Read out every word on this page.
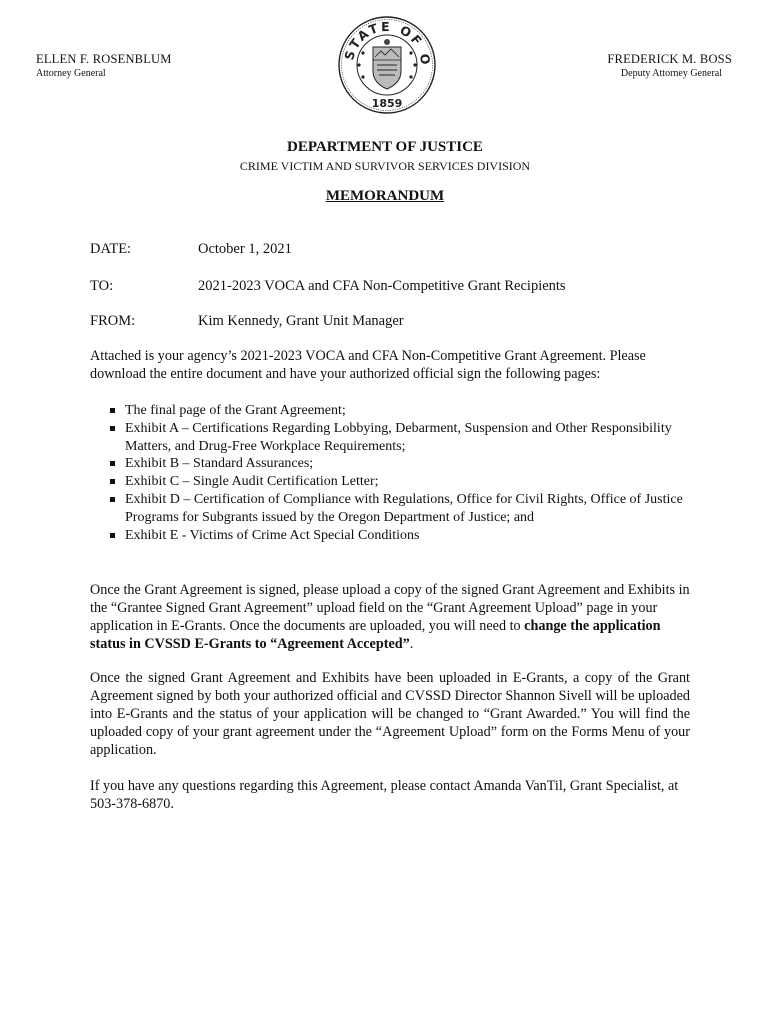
ELLEN F. ROSENBLUM
Attorney General
FREDERICK M. BOSS
Deputy Attorney General
STATE OF O
1859
DEPARTMENT OF JUSTICE
CRIME VICTIM AND SURVIVOR SERVICES DIVISION
MEMORANDUM
DATE:	October 1, 2021
TO:	2021-2023 VOCA and CFA Non-Competitive Grant Recipients
FROM:	Kim Kennedy, Grant Unit Manager
Attached is your agency’s 2021-2023 VOCA and CFA Non-Competitive Grant Agreement. Please download the entire document and have your authorized official sign the following pages:
The final page of the Grant Agreement;
Exhibit A – Certifications Regarding Lobbying, Debarment, Suspension and Other Responsibility Matters, and Drug-Free Workplace Requirements;
Exhibit B – Standard Assurances;
Exhibit C – Single Audit Certification Letter;
Exhibit D – Certification of Compliance with Regulations, Office for Civil Rights, Office of Justice Programs for Subgrants issued by the Oregon Department of Justice; and
Exhibit E - Victims of Crime Act Special Conditions
Once the Grant Agreement is signed, please upload a copy of the signed Grant Agreement and Exhibits in the “Grantee Signed Grant Agreement” upload field on the “Grant Agreement Upload” page in your application in E-Grants. Once the documents are uploaded, you will need to change the application status in CVSSD E-Grants to “Agreement Accepted”.
Once the signed Grant Agreement and Exhibits have been uploaded in E-Grants, a copy of the Grant Agreement signed by both your authorized official and CVSSD Director Shannon Sivell will be uploaded into E-Grants and the status of your application will be changed to “Grant Awarded.” You will find the uploaded copy of your grant agreement under the “Agreement Upload” form on the Forms Menu of your application.
If you have any questions regarding this Agreement, please contact Amanda VanTil, Grant Specialist, at 503-378-6870.
